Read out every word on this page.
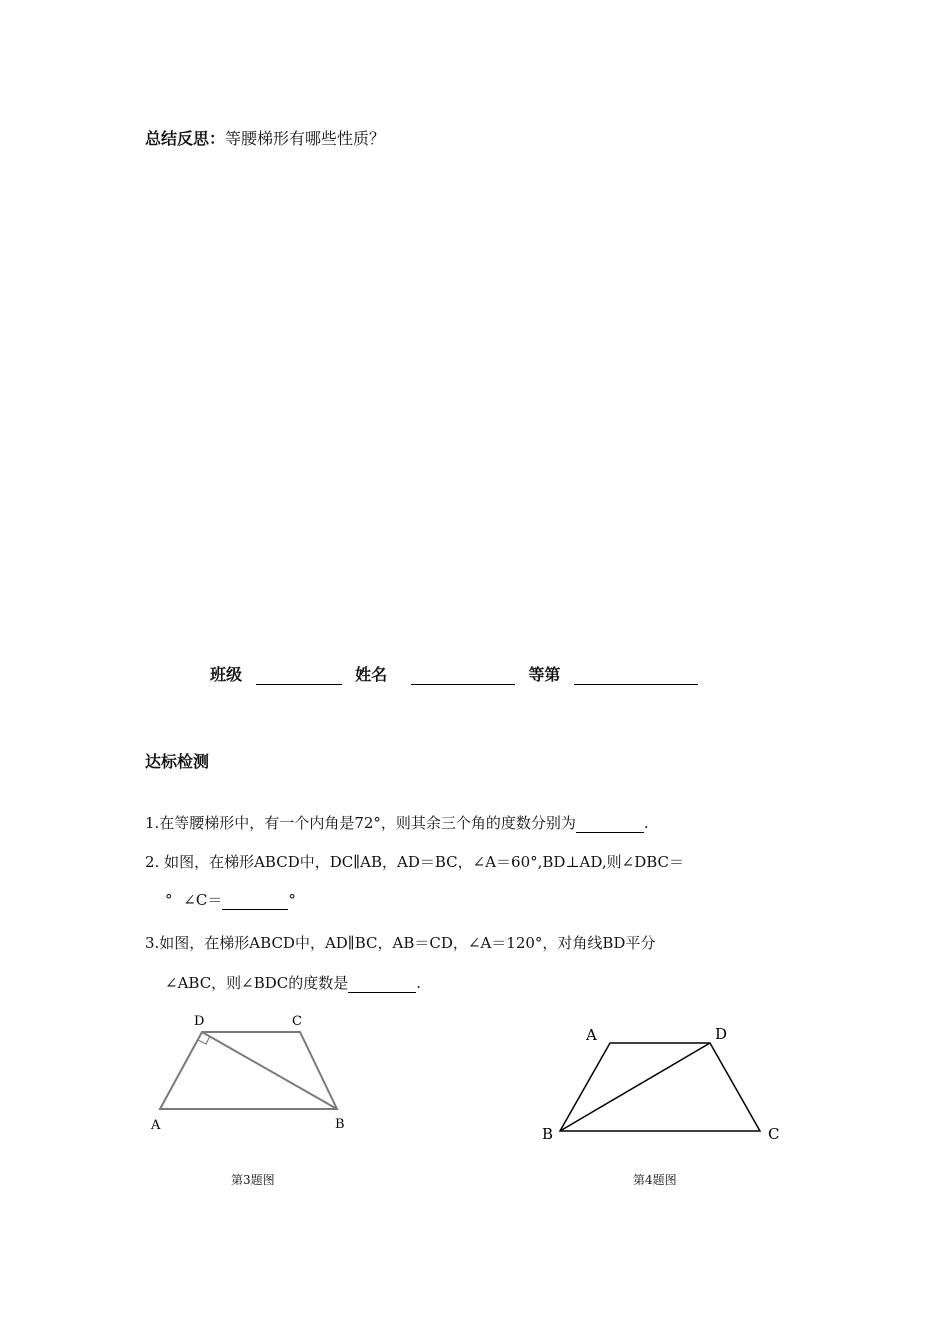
总结反思：等腰梯形有哪些性质？
班级	姓名	等第
达标检测
1.在等腰梯形中，有一个内角是72°，则其余三个角的度数分别为	.
2. 如图，在梯形ABCD中，DC∥AB，AD＝BC，∠A＝60°,BD⊥AD,则∠DBC＝
° ∠C＝	°
3.如图，在梯形ABCD中，AD∥BC，AB＝CD，∠A＝120°，对角线BD平分
∠ABC，则∠BDC的度数是	.
D	C
A	B
第3题图
A	D
B	C
第4题图
